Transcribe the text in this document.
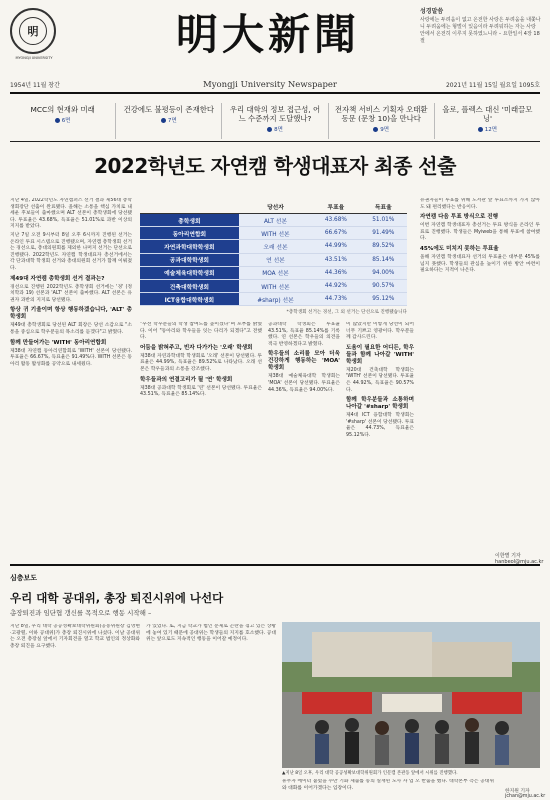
明
MYONGJI UNIVERSITY	明大新聞
Myongji University Newspaper
성경말씀
사랑에는 두려움이 없고 온전한 사랑은 두려움을 내쫓나니 두려움에는 형벌이 있음이라 두려워하는 자는 사랑 안에서 온전히 이루지 못하였느니라 – 요한일서 4장 18절
1954년 11월 창간	2021년 11월 15일 월요일 1095호
MCC의 현재와 미래
6면
건강에도 불평등이 존재한다
7면
우리 대학의 정보 접근성, 어느 수준까지 도달했나?
8면
전자책 서비스 기획자 오태환 동문 (문창 10)을 만나다
9면
올로, 플렉스 대신 '미래끌모닝'
12면
2022학년도 자연캠 학생대표자 최종 선출

지난 4일, 2022학년도 자연캠퍼스 선거 결과 제56대 총학생회장단 선출이 완료됐다. 올해는 소통을 핵심 가치로 내세운 후보들이 출마했으며 ALT 선본이 총학생회에 당선됐다. 투표율은 43.68%, 득표율은 51.01%로 과반 이상의 지지를 받았다.

지난 7일 오전 9시부터 8일 오후 6시까지 진행된 선거는 온라인 투표 시스템으로 진행됐으며, 자연캠 총학생회 선거는 경선으로, 총대의원회를 제외한 나머지 선거는 단선으로 진행됐다. 2022학년도 자연캠 학생대표자 총선거에서는 각 단과대학 학생회 선거와 총대의원회 선거가 함께 이뤄졌다.

제49대 자연캠 총학생회 선거 결과는?

경선으로 진행된 2022학년도 총학생회 선거에는 '경' (정치학과 19) 선본과 'ALT' 선본이 출마했다. ALT 선본은 유권자 과반의 지지로 당선됐다.

항상 귀 기울이며 항상 행동하겠습니다, 'ALT' 총학생회

제49대 총학생회로 당선된 ALT 회장은 당선 소감으로 "소통을 중심으로 학우분들의 목소리를 듣겠다"고 밝혔다.

함께 만들어가는 'WITH' 동아리연합회

제38대 자연캠 동아리연합회로 'WITH' 선본이 당선됐다. 투표율은 66.67%, 득표율은 91.49%다. WITH 선본은 동아리 활동 활성화를 공약으로 내세웠다.

	당선자	투표율	득표율
총학생회	ALT 선본	43.68%	51.01%
동아리연합회	WITH 선본	66.67%	91.49%
자연과학대학학생회	오래 선본	44.99%	89.52%
공과대학학생회	연 선본	43.51%	85.14%
예술체육대학학생회	MOA 선본	44.36%	94.00%
건축대학학생회	WITH 선본	44.92%	90.57%
ICT융합대학학생회	#sharp) 선본	44.73%	95.12%
*총학생회 선거는 경선, 그 외 선거는 단선으로 진행됐습니다

"우선 학우분들의 학생 참여도를 높이겠다"며 포부를 밝혔다. 이어 "동아리와 학우들을 잇는 다리가 되겠다"고 전했다.

어둠을 밝혀주고, 빈자 다가가는 '오래' 학생회

제38대 자연과학대학 학생회로 '오래' 선본이 당선됐다. 투표율은 44.99%, 득표율은 89.52%로 나타났다. 오래 선본은 학우들과의 소통을 강조했다.

학우들과의 연결고리가 될 '연' 학생회

제38대 공과대학 학생회로 '연' 선본이 당선됐다. 투표율은 43.51%, 득표율은 85.14%다.

공과대학 학생회는 투표율 43.51%, 득표율 85.14%를 기록했다. 연 선본은 학우들의 의견을 적극 반영하겠다고 밝혔다.

학우들의 소리를 모아 더욱 건강하게 행동하는 'MOA' 학생회

제38대 예술체육대학 학생회는 'MOA' 선본이 당선됐다. 투표율은 44.36%, 득표율은 94.00%다.

이 많았지만 이렇게 당선이 되어 너무 기쁘고 영광이다. 학우분들께 감사드린다.

도움이 필요한 어디든, 학우들과 함께 나아갈 'WITH' 학생회

제20대 건축대학 학생회는 'WITH' 선본이 당선됐다. 투표율은 44.92%, 득표율은 90.57%다.

함께 학우분들과 소통하며 나아갈 '#sharp' 학생회

제4대 ICT 융합대학 학생회는 '#sharp' 선본이 당선됐다. 투표율은 44.73%, 득표율은 95.12%다.

유권자들이 투표를 위해 도서관 앞 투표소까지 가지 않아도 돼 편리했다는 반응이다.

자연캠 다음 투표 방식으로 진행

이번 자연캠 학생대표자 총선거는 투표 방식을 온라인 투표로 진행했다. 학생들은 Myiweb을 통해 투표에 참여했다.

45%에도 미치지 못하는 투표율

올해 자연캠 학생대표자 선거의 투표율은 대부분 45%를 넘지 못했다. 학생들의 관심을 높이기 위한 방안 마련이 필요하다는 지적이 나온다.

이한별 기자 hanbeol@mju.ac.kr
심층보도
우리 대학 공대위, 총장 퇴진시위에 나선다
총장퇴진과 임단협 갱신를 목적으로 행동 시작해 –

지난 8일, 우리 대학 공공성확보대학위원회(공동위원장 김영현·고광렬, 이하 공대위)가 총장 퇴진시위에 나섰다. 이날 공대위는 오전 총장실 앞에서 기자회견을 열고 학교 법인의 정상화와 총장 퇴진을 요구했다.

가 있었다. 또, 지금 학교가 법인 문제로 곤란을 겪고 있는 상황에 놓여 있기 때문에 공대위는 학생들의 지지를 호소했다. 공대위는 앞으로도 지속적인 행동을 이어갈 예정이다.

▲지난 8일 오후, 우리 대학 공공성확보대학위원회가 인문캠 본관동 앞에서 시위를 진행했다.

휴무자 에이터 불렀을 수만 기화 제출를 동의 실재된 노사 자 업 오 반출을 했다. 대학본부 측은 공대위와 대화를 이어가겠다는 입장이다.

한지원 기자 jchan@mju.ac.kr
